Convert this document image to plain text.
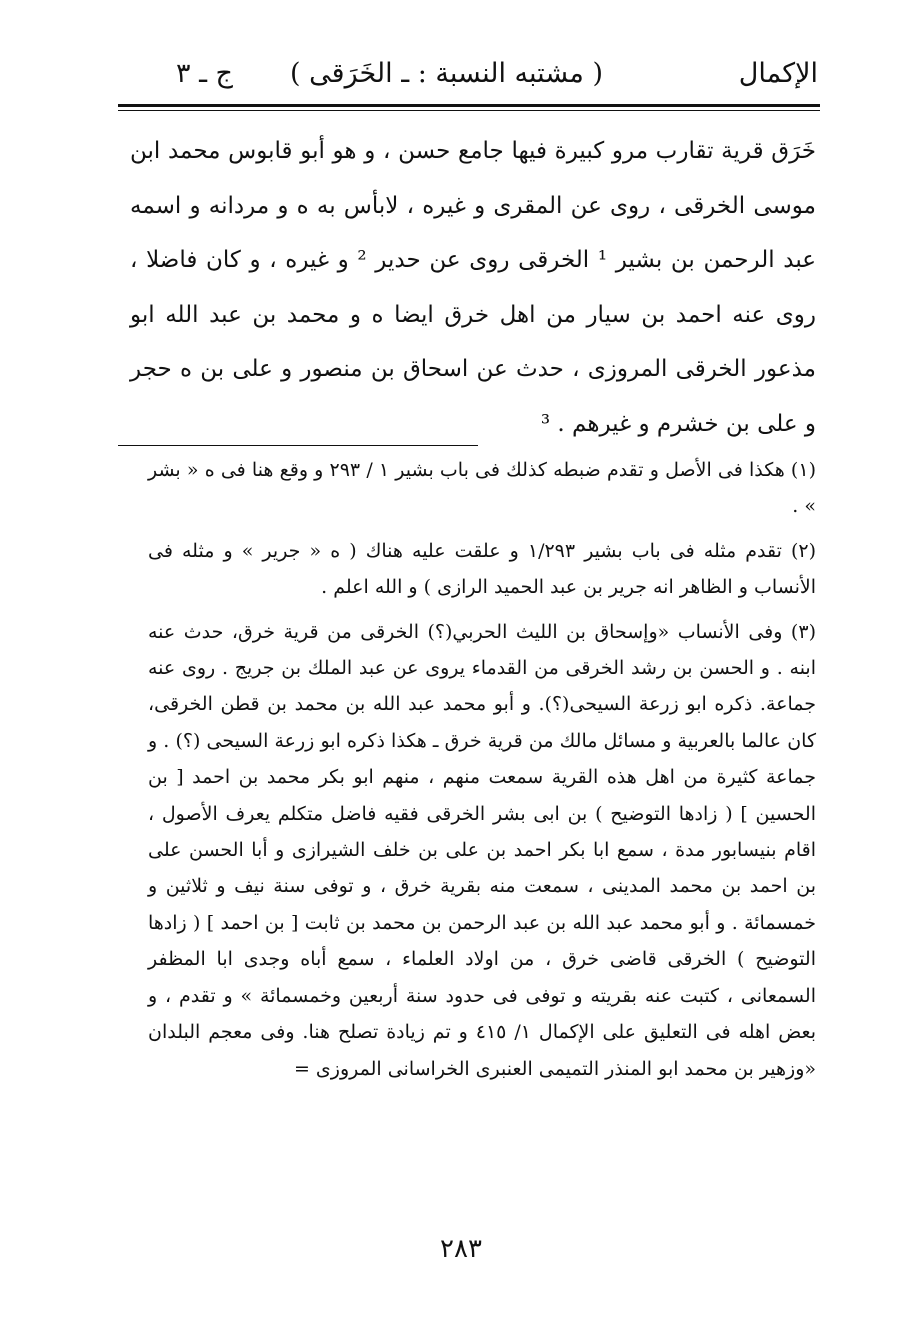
الإكمال
( مشتبه النسبة : ـ الخَرَقى )
ج ـ ٣

خَرَق قرية تقارب مرو كبيرة فيها جامع حسن ، و هو أبو قابوس محمد ابن موسى الخرقى ، روى عن المقرى و غيره ، لابأس به ه و مردانه و اسمه عبد الرحمن بن بشير ¹ الخرقى روى عن حدير ² و غيره ، و كان فاضلا ، روى عنه احمد بن سيار من اهل خرق ايضا ه و محمد بن عبد الله ابو مذعور الخرقى المروزى ، حدث عن اسحاق بن منصور و على بن ه حجر و على بن خشرم و غيرهم . ³

(١) هكذا فى الأصل و تقدم ضبطه كذلك فى باب بشير ١ / ٢٩٣ و وقع هنا فى ه « بشر » .

(٢) تقدم مثله فى باب بشير ١/٢٩٣ و علقت عليه هناك ( ه « جرير » و مثله فى الأنساب و الظاهر انه جرير بن عبد الحميد الرازى ) و الله اعلم .

(٣) وفى الأنساب «وإسحاق بن الليث الحربي(؟) الخرقى من قرية خرق، حدث عنه ابنه . و الحسن بن رشد الخرقى من القدماء يروى عن عبد الملك بن جريج . روى عنه جماعة. ذكره ابو زرعة السيحى(؟). و أبو محمد عبد الله بن محمد بن قطن الخرقى، كان عالما بالعربية و مسائل مالك من قرية خرق ـ هكذا ذكره ابو زرعة السيحى (؟) . و جماعة كثيرة من اهل هذه القرية سمعت منهم ، منهم ابو بكر محمد بن احمد [ بن الحسين ] ( زادها التوضيح ) بن ابى بشر الخرقى فقيه فاضل متكلم يعرف الأصول ، اقام بنيسابور مدة ، سمع ابا بكر احمد بن على بن خلف الشيرازى و أبا الحسن على بن احمد بن محمد المدينى ، سمعت منه بقرية خرق ، و توفى سنة نيف و ثلاثين و خمسمائة . و أبو محمد عبد الله بن عبد الرحمن بن محمد بن ثابت [ بن احمد ] ( زادها التوضيح ) الخرقى قاضى خرق ، من اولاد العلماء ، سمع أباه وجدى ابا المظفر السمعانى ، كتبت عنه بقريته و توفى فى حدود سنة أربعين وخمسمائة » و تقدم ، و بعض اهله فى التعليق على الإكمال ١/ ٤١٥ و تم زيادة تصلح هنا. وفى معجم البلدان «وزهير بن محمد ابو المنذر التميمى العنبرى الخراسانى المروزى =

٢٨٣
